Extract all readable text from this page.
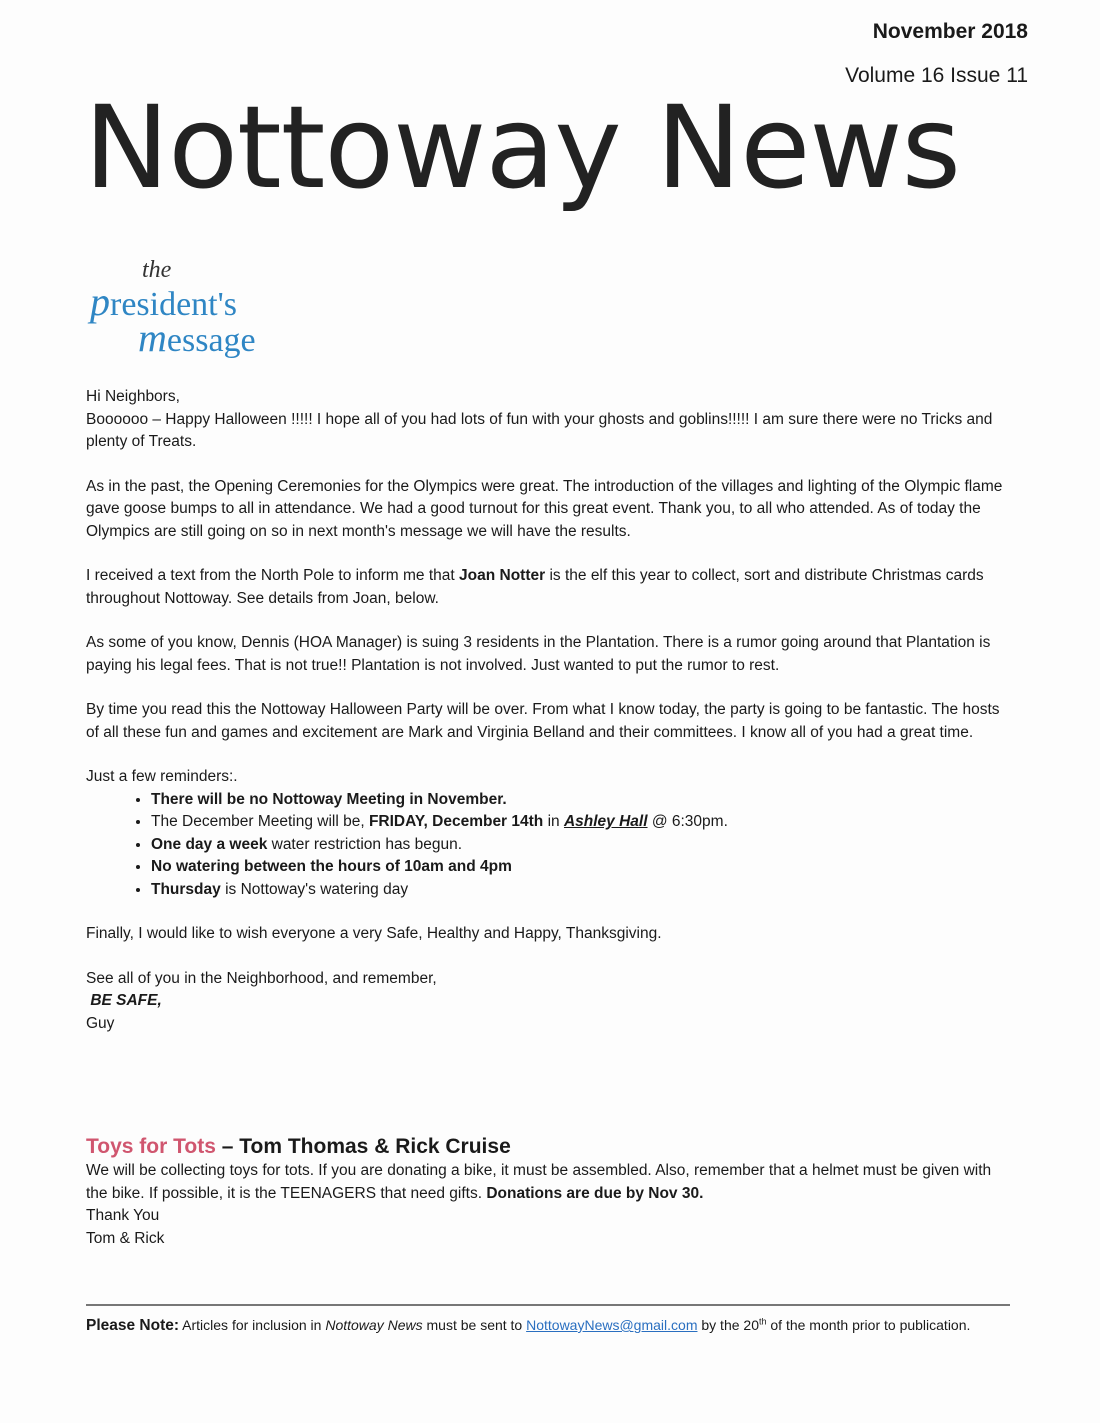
November 2018
Volume 16 Issue 11
Nottoway News
the
president's
message

Hi Neighbors,

Boooooo – Happy Halloween !!!!! I hope all of you had lots of fun with your ghosts and goblins!!!!! I am sure there were no Tricks and plenty of Treats.

As in the past, the Opening Ceremonies for the Olympics were great. The introduction of the villages and lighting of the Olympic flame gave goose bumps to all in attendance. We had a good turnout for this great event. Thank you, to all who attended. As of today the Olympics are still going on so in next month's message we will have the results.

I received a text from the North Pole to inform me that Joan Notter is the elf this year to collect, sort and distribute Christmas cards throughout Nottoway. See details from Joan, below.

As some of you know, Dennis (HOA Manager) is suing 3 residents in the Plantation. There is a rumor going around that Plantation is paying his legal fees. That is not true!! Plantation is not involved. Just wanted to put the rumor to rest.

By time you read this the Nottoway Halloween Party will be over. From what I know today, the party is going to be fantastic. The hosts of all these fun and games and excitement are Mark and Virginia Belland and their committees. I know all of you had a great time.

Just a few reminders:.

• There will be no Nottoway Meeting in November.
• The December Meeting will be, FRIDAY, December 14th in Ashley Hall @ 6:30pm.
• One day a week water restriction has begun.
• No watering between the hours of 10am and 4pm
• Thursday is Nottoway's watering day

Finally, I would like to wish everyone a very Safe, Healthy and Happy, Thanksgiving.

See all of you in the Neighborhood, and remember,

BE SAFE,

Guy

Toys for Tots – Tom Thomas & Rick Cruise
We will be collecting toys for tots. If you are donating a bike, it must be assembled. Also, remember that a helmet must be given with the bike. If possible, it is the TEENAGERS that need gifts. Donations are due by Nov 30.
Thank You
Tom & Rick
Please Note: Articles for inclusion in Nottoway News must be sent to NottowayNews@gmail.com by the 20th of the month prior to publication.
